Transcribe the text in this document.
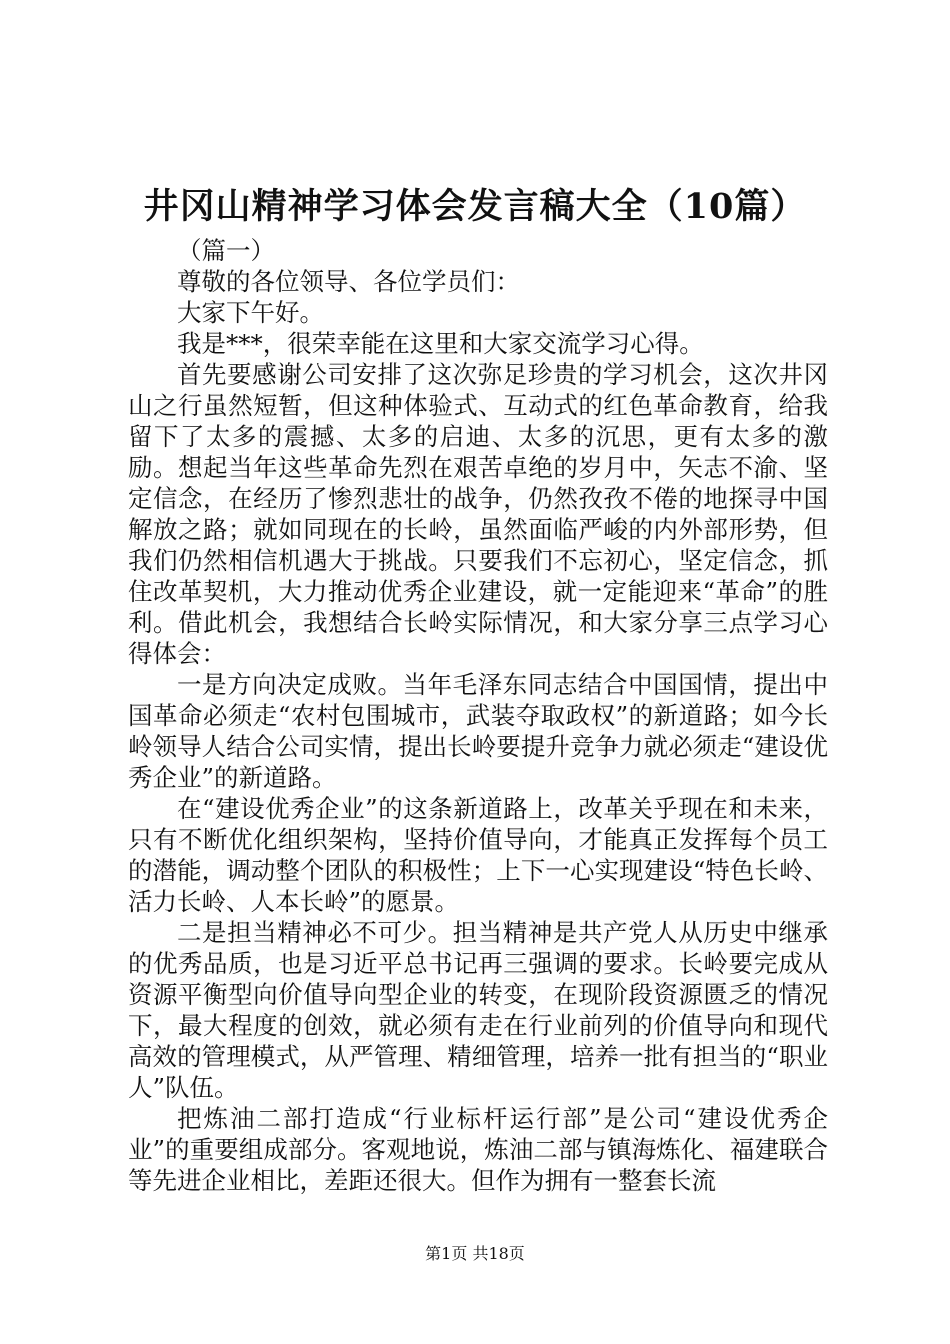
井冈山精神学习体会发言稿大全（10篇）

（篇一）

尊敬的各位领导、各位学员们：

大家下午好。

我是***，很荣幸能在这里和大家交流学习心得。

首先要感谢公司安排了这次弥足珍贵的学习机会，这次井冈山之行虽然短暂，但这种体验式、互动式的红色革命教育，给我留下了太多的震撼、太多的启迪、太多的沉思，更有太多的激励。想起当年这些革命先烈在艰苦卓绝的岁月中，矢志不渝、坚定信念，在经历了惨烈悲壮的战争，仍然孜孜不倦的地探寻中国解放之路；就如同现在的长岭，虽然面临严峻的内外部形势，但我们仍然相信机遇大于挑战。只要我们不忘初心，坚定信念，抓住改革契机，大力推动优秀企业建设，就一定能迎来“革命”的胜利。借此机会，我想结合长岭实际情况，和大家分享三点学习心得体会：

一是方向决定成败。当年毛泽东同志结合中国国情，提出中国革命必须走“农村包围城市，武装夺取政权”的新道路；如今长岭领导人结合公司实情，提出长岭要提升竞争力就必须走“建设优秀企业”的新道路。

在“建设优秀企业”的这条新道路上，改革关乎现在和未来，只有不断优化组织架构，坚持价值导向，才能真正发挥每个员工的潜能，调动整个团队的积极性；上下一心实现建设“特色长岭、活力长岭、人本长岭”的愿景。

二是担当精神必不可少。担当精神是共产党人从历史中继承的优秀品质，也是习近平总书记再三强调的要求。长岭要完成从资源平衡型向价值导向型企业的转变，在现阶段资源匮乏的情况下，最大程度的创效，就必须有走在行业前列的价值导向和现代高效的管理模式，从严管理、精细管理，培养一批有担当的“职业人”队伍。

把炼油二部打造成“行业标杆运行部”是公司“建设优秀企业”的重要组成部分。客观地说，炼油二部与镇海炼化、福建联合等先进企业相比，差距还很大。但作为拥有一整套长流

第1页 共18页
